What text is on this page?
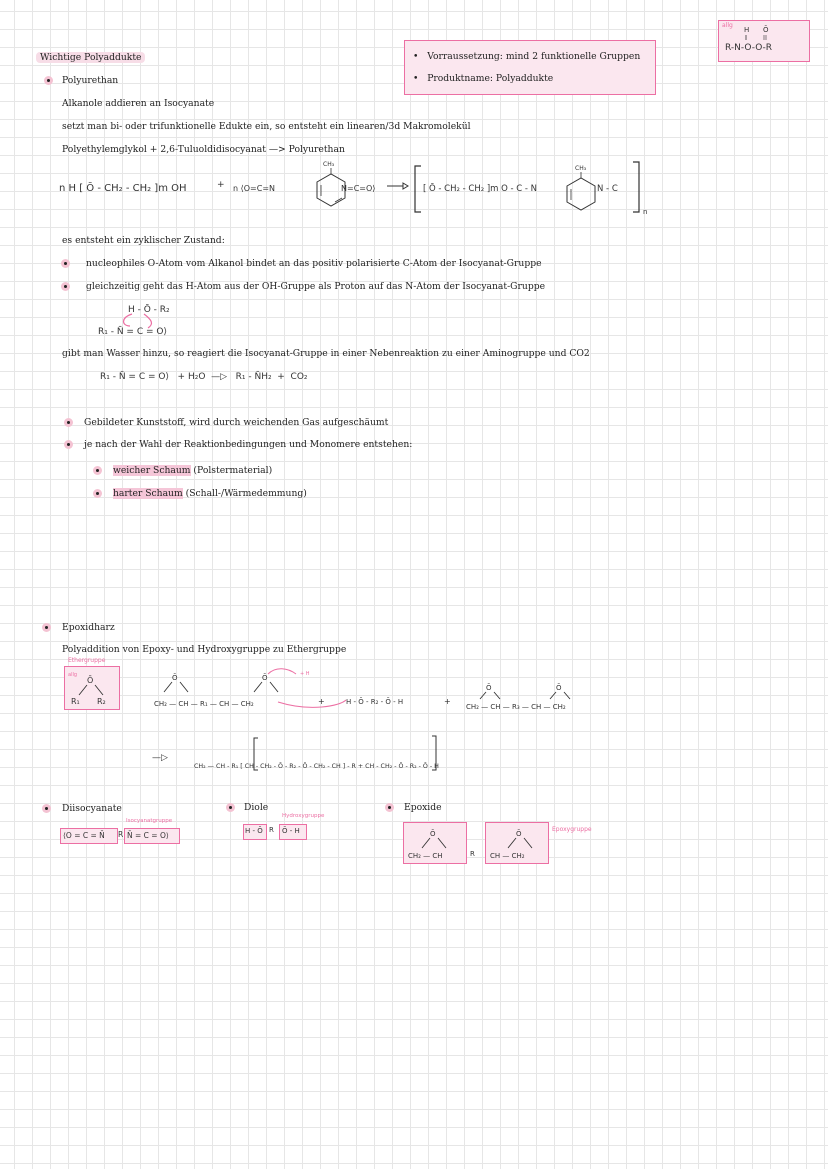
Wichtige Polyaddukte	•   Vorraussetzung: mind 2 funktionelle Gruppen
•   Produktname: Polyaddukte
allg
H Ō
R-N-O-O-R
Polyurethan
Alkanole addieren an Isocyanate
setzt man bi- oder trifunktionelle Edukte ein, so entsteht ein linearen/3d Makromolekül
Polyethylemglykol + 2,6-Tuluoldidisocyanat —> Polyurethan
n H [ Ō - CH₂ - CH₂ ]m OH	+ n ⟨O=C=N
CH₃
N=C=O⟩	[ Ō - CH₂ - CH₂ ]m O - C - N
CH₃
N - C
n
es entsteht ein zyklischer Zustand:
nucleophiles O-Atom vom Alkanol bindet an das positiv polarisierte C-Atom der Isocyanat-Gruppe
gleichzeitig geht das H-Atom aus der OH-Gruppe als Proton auf das N-Atom der Isocyanat-Gruppe
H - Ō - R₂
R₁ - N̄ = C = O⟩
gibt man Wasser hinzu, so reagiert die Isocyanat-Gruppe in einer Nebenreaktion zu einer Aminogruppe und CO2
R₁ - N̄ = C = O⟩   + H₂O  —▷   R₁ - N̄H₂  +  CO₂
Gebildeter Kunststoff, wird durch weichenden Gas aufgeschäumt
je nach der Wahl der Reaktionbedingungen und Monomere entstehen:
weicher Schaum (Polstermaterial)
harter Schaum (Schall-/Wärmedemmung)
Epoxidharz
Polyaddition von Epoxy- und Hydroxygruppe zu Ethergruppe
allg
Ō
R₁ R₂
Ethergruppe
Ō	Ō	+ H
CH₂ — CH — R₁ — CH — CH₂	+	H - Ō - R₂ - Ō - H	+
Ō	Ō
CH₂ — CH — R₃ — CH — CH₂
—▷
CH₂ — CH - R₁ [ CH - CH₂ - Ō - R₂ - Ō - CH₂ - CH ] - R + CH - CH₂ - Ō - R₂ - Ō - H
Diisocyanate
Isocyanatgruppe
⟨O = C = N̄ R N̄ = C = O⟩
Diole
Hydroxygruppe
H - Ō R Ō - H
Epoxide
Epoxygruppe
Ō
CH₂ — CH	R
Ō
CH — CH₂
